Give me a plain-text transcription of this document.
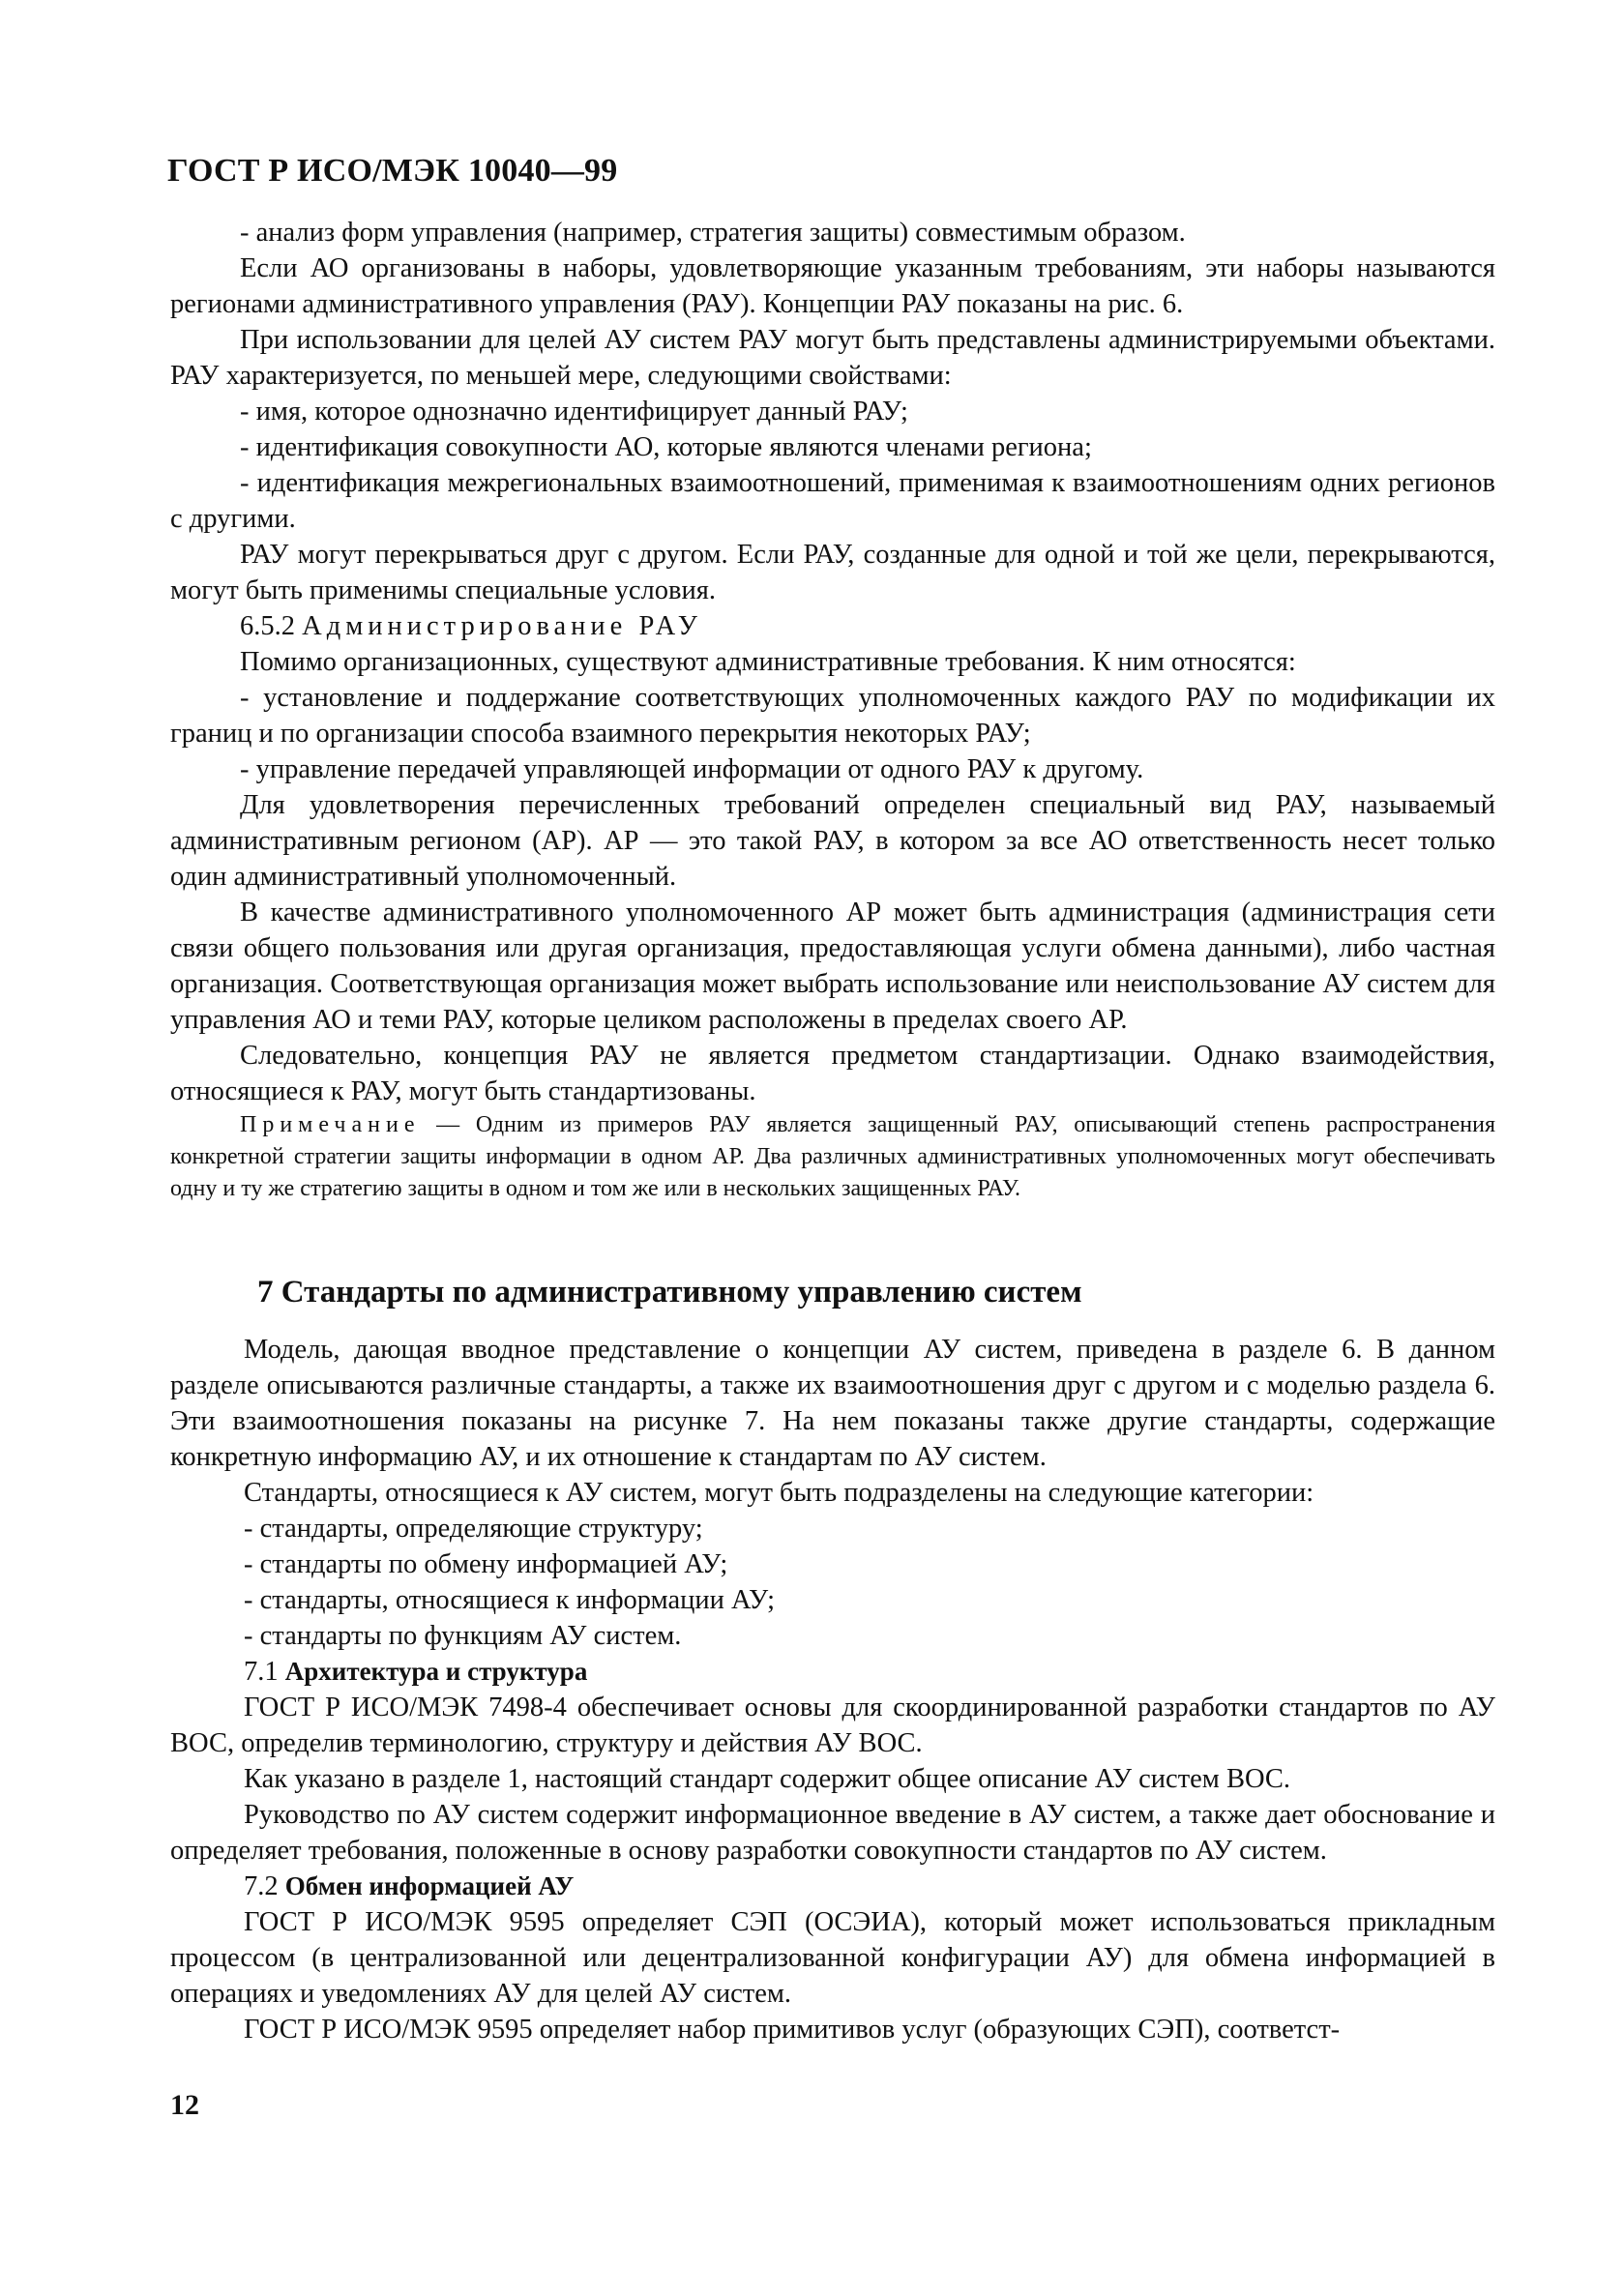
ГОСТ Р ИСО/МЭК 10040—99

- анализ форм управления (например, стратегия защиты) совместимым образом.

Если АО организованы в наборы, удовлетворяющие указанным требованиям, эти наборы называются регионами административного управления (РАУ). Концепции РАУ показаны на рис. 6.

При использовании для целей АУ систем РАУ могут быть представлены администрируемыми объектами. РАУ характеризуется, по меньшей мере, следующими свойствами:

- имя, которое однозначно идентифицирует данный РАУ;

- идентификация совокупности АО, которые являются членами региона;

- идентификация межрегиональных взаимоотношений, применимая к взаимоотношениям одних регионов с другими.

РАУ могут перекрываться друг с другом. Если РАУ, созданные для одной и той же цели, перекрываются, могут быть применимы специальные условия.

6.5.2 Администрирование РАУ

Помимо организационных, существуют административные требования. К ним относятся:

- установление и поддержание соответствующих уполномоченных каждого РАУ по модификации их границ и по организации способа взаимного перекрытия некоторых РАУ;

- управление передачей управляющей информации от одного РАУ к другому.

Для удовлетворения перечисленных требований определен специальный вид РАУ, называемый административным регионом (АР). АР — это такой РАУ, в котором за все АО ответственность несет только один административный уполномоченный.

В качестве административного уполномоченного АР может быть администрация (администрация сети связи общего пользования или другая организация, предоставляющая услуги обмена данными), либо частная организация. Соответствующая организация может выбрать использование или неиспользование АУ систем для управления АО и теми РАУ, которые целиком расположены в пределах своего АР.

Следовательно, концепция РАУ не является предметом стандартизации. Однако взаимодействия, относящиеся к РАУ, могут быть стандартизованы.

Примечание — Одним из примеров РАУ является защищенный РАУ, описывающий степень распространения конкретной стратегии защиты информации в одном АР. Два различных административных уполномоченных могут обеспечивать одну и ту же стратегию защиты в одном и том же или в нескольких защищенных РАУ.

7 Стандарты по административному управлению систем

Модель, дающая вводное представление о концепции АУ систем, приведена в разделе 6. В данном разделе описываются различные стандарты, а также их взаимоотношения друг с другом и с моделью раздела 6. Эти взаимоотношения показаны на рисунке 7. На нем показаны также другие стандарты, содержащие конкретную информацию АУ, и их отношение к стандартам по АУ систем.

Стандарты, относящиеся к АУ систем, могут быть подразделены на следующие категории:

- стандарты, определяющие структуру;

- стандарты по обмену информацией АУ;

- стандарты, относящиеся к информации АУ;

- стандарты по функциям АУ систем.

7.1 Архитектура и структура

ГОСТ Р ИСО/МЭК 7498-4 обеспечивает основы для скоординированной разработки стандартов по АУ ВОС, определив терминологию, структуру и действия АУ ВОС.

Как указано в разделе 1, настоящий стандарт содержит общее описание АУ систем ВОС.

Руководство по АУ систем содержит информационное введение в АУ систем, а также дает обоснование и определяет требования, положенные в основу разработки совокупности стандартов по АУ систем.

7.2 Обмен информацией АУ

ГОСТ Р ИСО/МЭК 9595 определяет СЭП (ОСЭИА), который может использоваться прикладным процессом (в централизованной или децентрализованной конфигурации АУ) для обмена информацией в операциях и уведомлениях АУ для целей АУ систем.

ГОСТ Р ИСО/МЭК 9595 определяет набор примитивов услуг (образующих СЭП), соответст-

12
